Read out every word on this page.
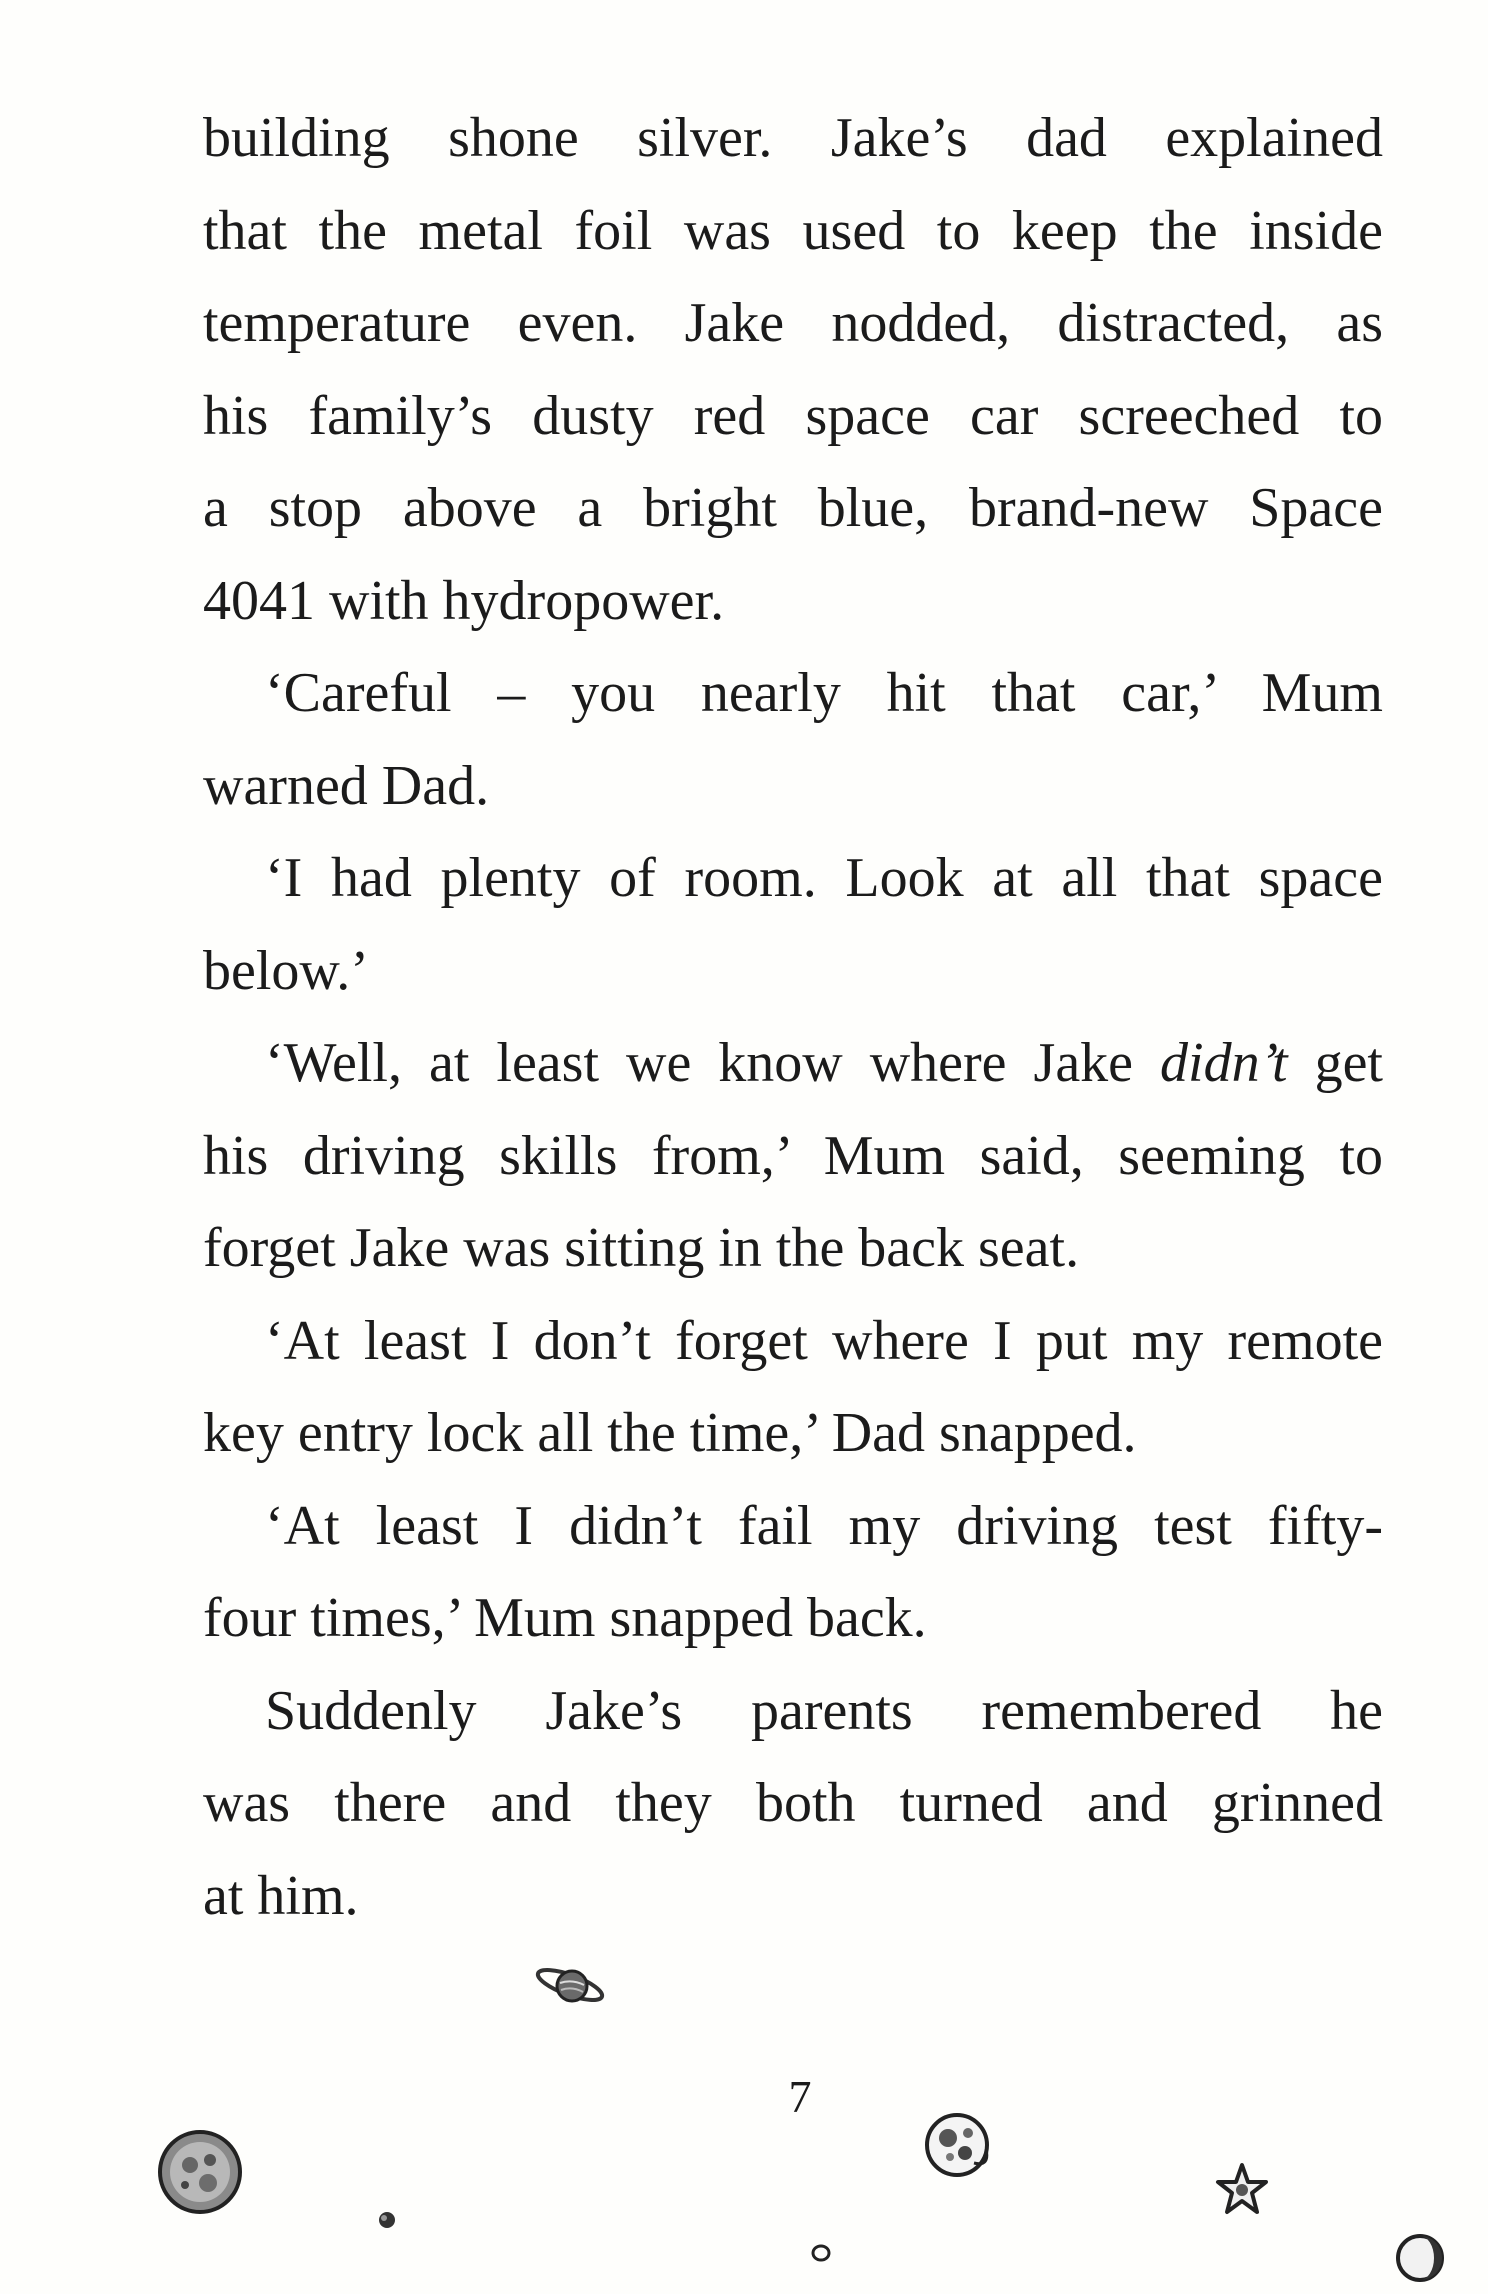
building shone silver. Jake’s dad explained
that the metal foil was used to keep the inside
temperature even. Jake nodded, distracted, as
his family’s dusty red space car screeched to
a stop above a bright blue, brand-new Space
4041 with hydropower.

‘Careful – you nearly hit that car,’ Mum
warned Dad.

‘I had plenty of room. Look at all that space
below.’

‘Well, at least we know where Jake didn’t get
his driving skills from,’ Mum said, seeming to
forget Jake was sitting in the back seat.

‘At least I don’t forget where I put my remote
key entry lock all the time,’ Dad snapped.

‘At least I didn’t fail my driving test fifty-
four times,’ Mum snapped back.

Suddenly Jake’s parents remembered he
was there and they both turned and grinned
at him.

7
